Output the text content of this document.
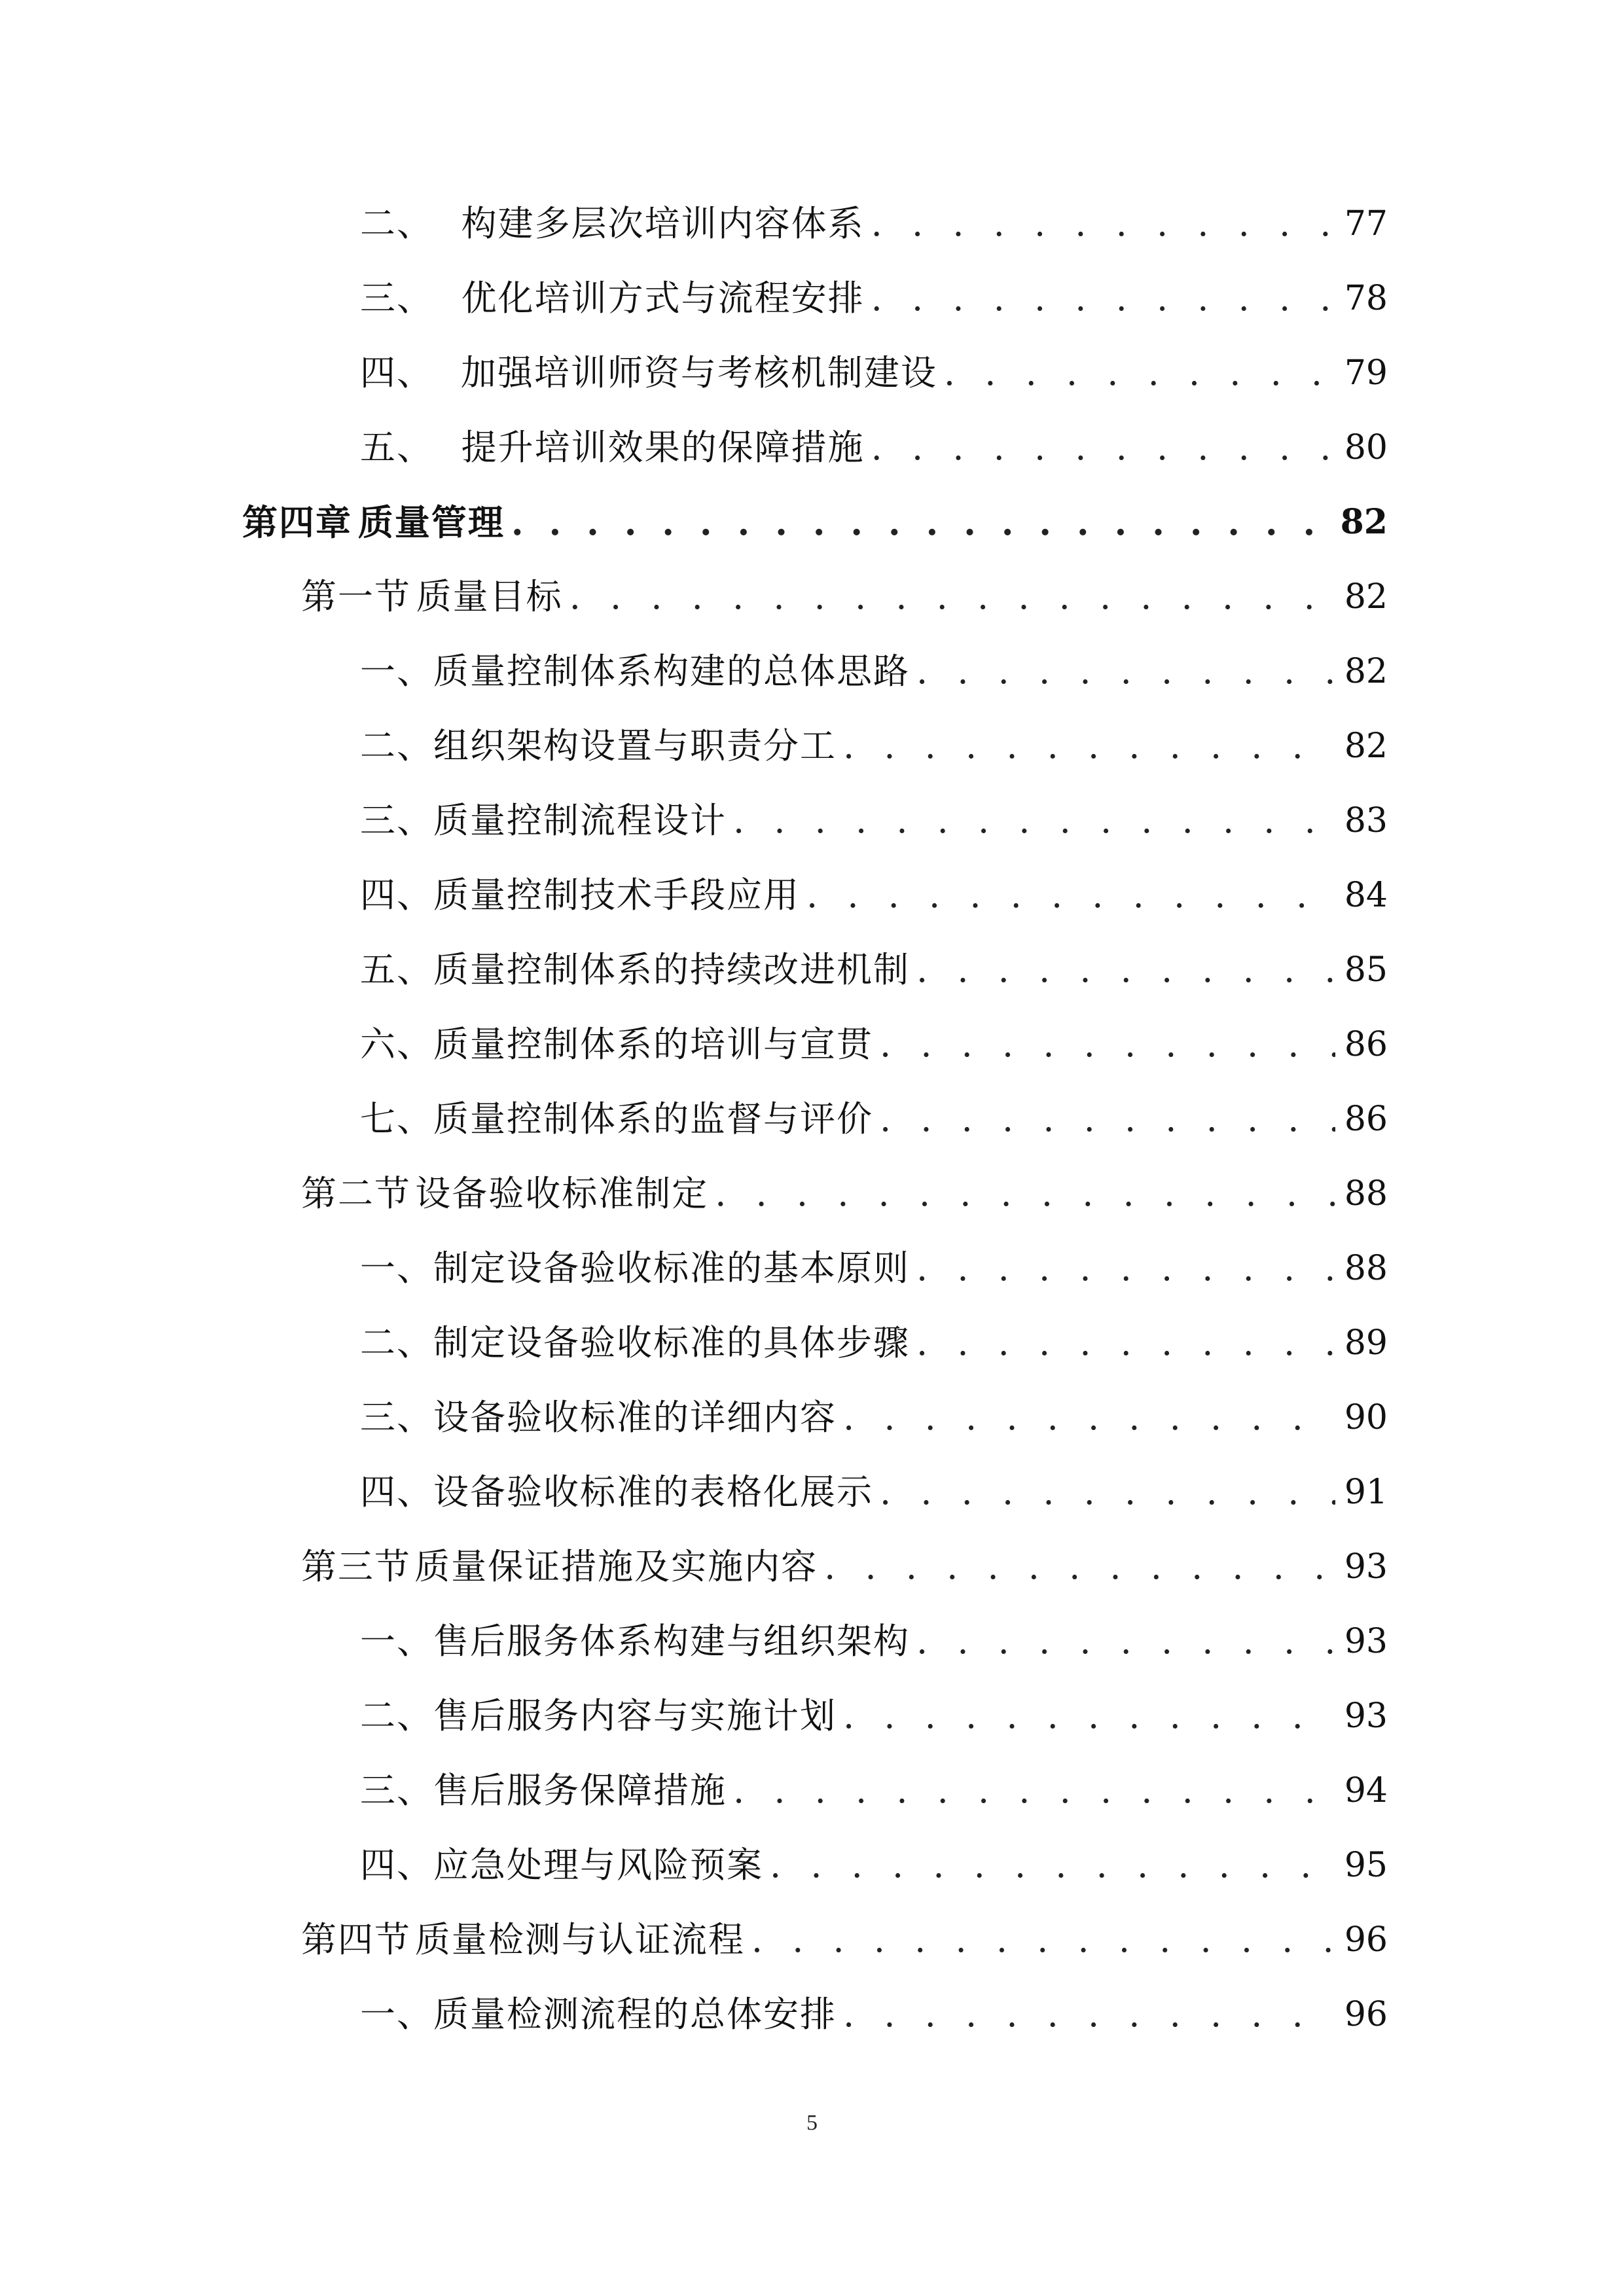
二、 构建多层次培训内容体系 . . .	77
三、 优化培训方式与流程安排 . . .	78
四、 加强培训师资与考核机制建设 . . .	79
五、 提升培训效果的保障措施 . . .	80
第四章 质量管理 . . .	82
第一节 质量目标 . . .	82
一、 质量控制体系构建的总体思路 . . .	82
二、 组织架构设置与职责分工 . . .	82
三、 质量控制流程设计 . . .	83
四、 质量控制技术手段应用 . . .	84
五、 质量控制体系的持续改进机制 . . .	85
六、 质量控制体系的培训与宣贯 . . .	86
七、 质量控制体系的监督与评价 . . .	86
第二节 设备验收标准制定 . . .	88
一、 制定设备验收标准的基本原则 . . .	88
二、 制定设备验收标准的具体步骤 . . .	89
三、 设备验收标准的详细内容 . . .	90
四、 设备验收标准的表格化展示 . . .	91
第三节 质量保证措施及实施内容 . . .	93
一、 售后服务体系构建与组织架构 . . .	93
二、 售后服务内容与实施计划 . . .	93
三、 售后服务保障措施 . . .	94
四、 应急处理与风险预案 . . .	95
第四节 质量检测与认证流程 . . .	96
一、 质量检测流程的总体安排 . . .	96
5
